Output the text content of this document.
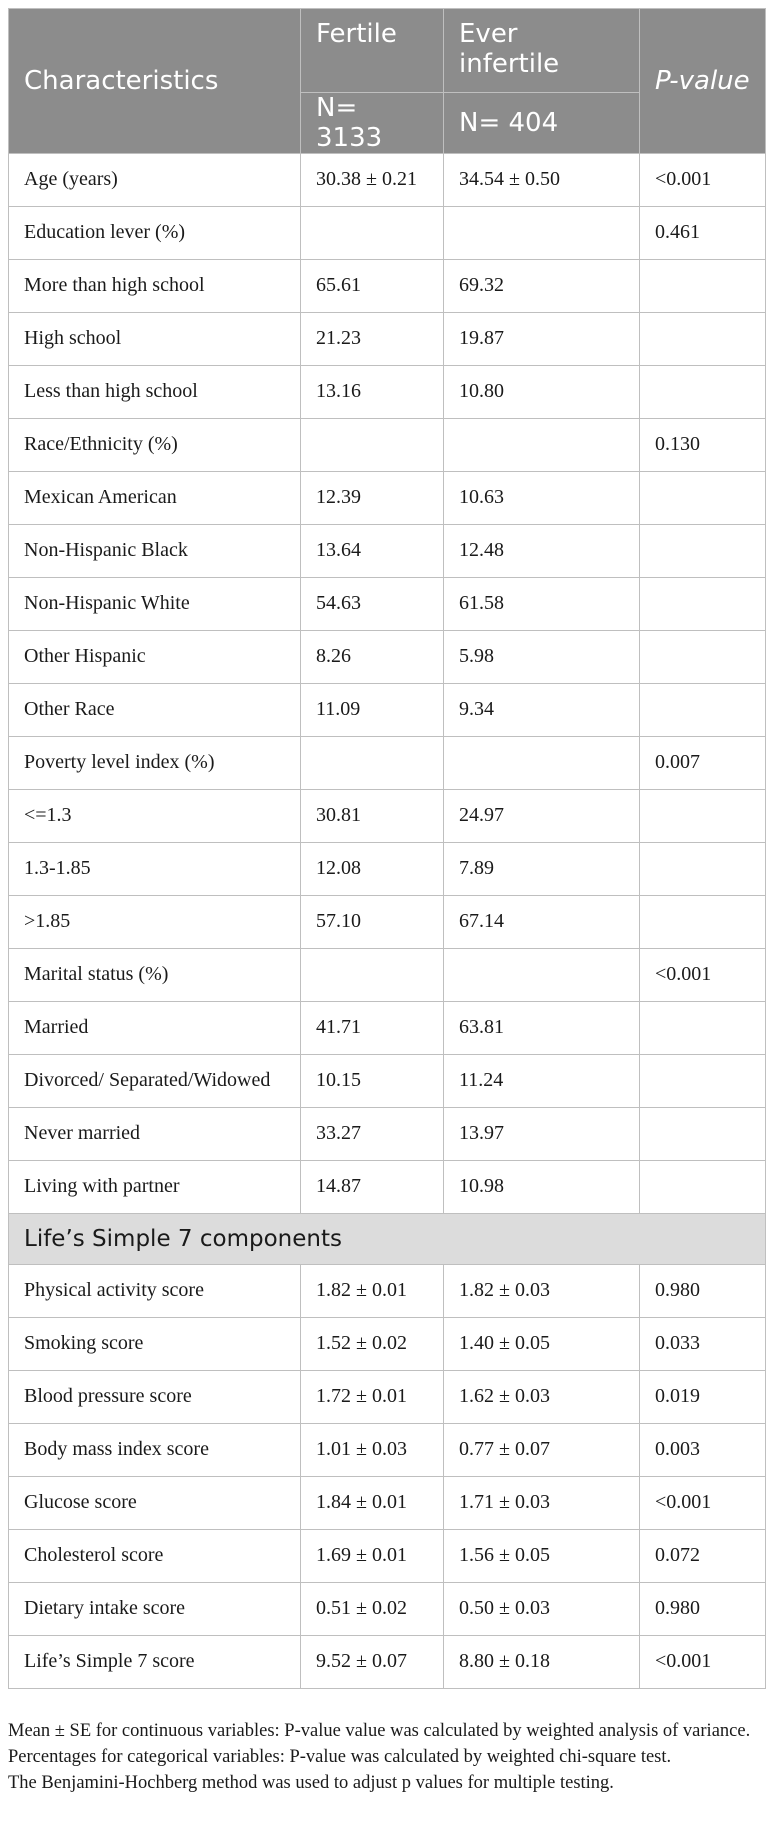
Characteristics	Fertile	Ever infertile	P-value
	N= 3133	N= 404	
Age (years)	30.38 ± 0.21	34.54 ± 0.50	<0.001
Education lever (%)			0.461
More than high school	65.61	69.32	
High school	21.23	19.87	
Less than high school	13.16	10.80	
Race/Ethnicity (%)			0.130
Mexican American	12.39	10.63	
Non-Hispanic Black	13.64	12.48	
Non-Hispanic White	54.63	61.58	
Other Hispanic	8.26	5.98	
Other Race	11.09	9.34	
Poverty level index (%)			0.007
<=1.3	30.81	24.97	
1.3-1.85	12.08	7.89	
>1.85	57.10	67.14	
Marital status (%)			<0.001
Married	41.71	63.81	
Divorced/ Separated/Widowed	10.15	11.24	
Never married	33.27	13.97	
Living with partner	14.87	10.98	
Life’s Simple 7 components			
Physical activity score	1.82 ± 0.01	1.82 ± 0.03	0.980
Smoking score	1.52 ± 0.02	1.40 ± 0.05	0.033
Blood pressure score	1.72 ± 0.01	1.62 ± 0.03	0.019
Body mass index score	1.01 ± 0.03	0.77 ± 0.07	0.003
Glucose score	1.84 ± 0.01	1.71 ± 0.03	<0.001
Cholesterol score	1.69 ± 0.01	1.56 ± 0.05	0.072
Dietary intake score	0.51 ± 0.02	0.50 ± 0.03	0.980
Life’s Simple 7 score	9.52 ± 0.07	8.80 ± 0.18	<0.001

Mean ± SE for continuous variables: P-value value was calculated by weighted analysis of variance.

Percentages for categorical variables: P-value was calculated by weighted chi-square test.

The Benjamini-Hochberg method was used to adjust p values for multiple testing.
